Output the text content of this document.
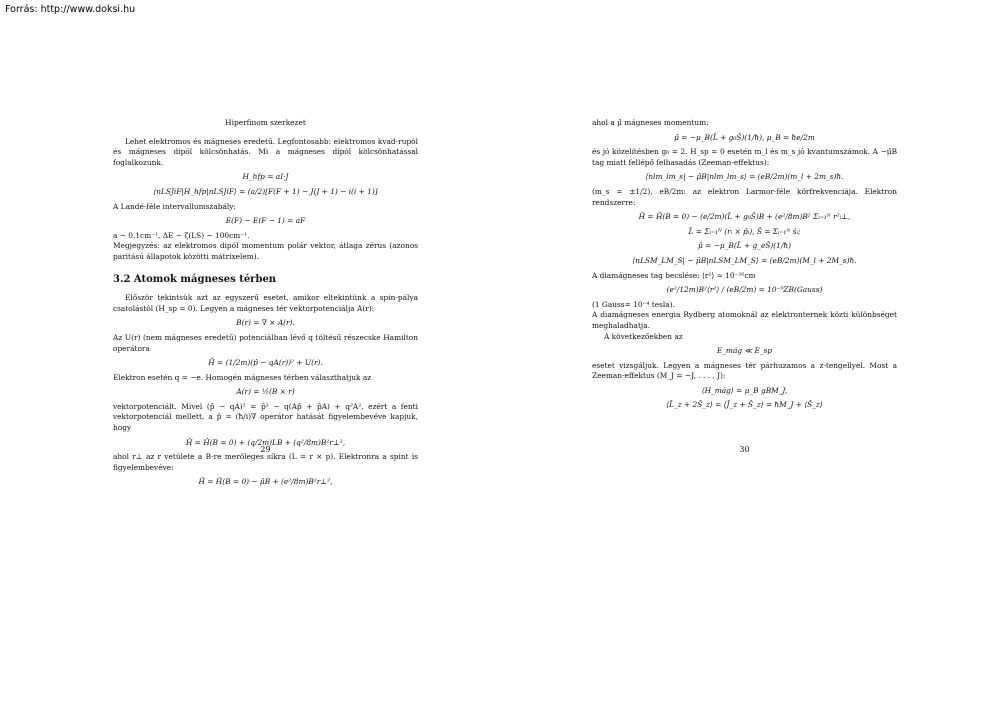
Forrás: http://www.doksi.hu
Hiperfinom szerkezet

Lehet elektromos és mágneses eredetű. Legfontosabb: elektromos kvad-rupól és mágneses dipól kölcsönhatás. Mi a mágneses dipól kölcsönhatással foglalkozunk.

H_hfp = aI·J
⟨nLSJiF|H_hfp|nLSJiF⟩ = (a/2)[F(F + 1) − J(J + 1) − i(i + 1)]

A Landé-féle intervallumszabály:

E(F) − E(F − 1) = aF

a ~ 0.1cm⁻¹, ΔE ~ ζ(LS) ~ 100cm⁻¹.

Megjegyzés: az elektromos dipól momentum polár vektor, átlaga zérus (azonos paritású állapotok közötti mátrixelem).

3.2 Atomok mágneses térben

Először tekintsük azt az egyszerű esetet, amikor eltekintünk a spin-pálya csatolástól (H_sp = 0). Legyen a mágneses tér vektorpotenciálja A(r):

B(r) = ∇ × A(r).

Az U(r) (nem mágneses eredetű) potenciálban lévő q töltésű részecske Hamilton operátora

Ĥ = (1/2m)(p̂ − qA(r))² + U(r).

Elektron esetén q = −e. Homogén mágneses térben választhatjuk az

A(r) = ½(B × r)

vektorpotenciált. Mivel (p̂ − qA)² = p̂² − q(Ap̂ + p̂A) + q²A², ezért a fenti vektorpotenciál mellett, a p̂ = (ħ/i)∇ operátor hatását figyelembevéve kapjuk, hogy

Ĥ = Ĥ(B = 0) + (q/2m)LB + (q²/8m)B²r⊥²,

ahol r⊥ az r vetülete a B-re merőleges síkra (L = r × p). Elektronra a spint is figyelembevéve:

Ĥ = Ĥ(B = 0) − μ̂B + (e²/8m)B²r⊥²,
29

ahol a μ̂ mágneses momentum:

μ̂ = −μ_B(L̂ + g₀Ŝ)(1/ħ), μ_B = ħe/2m

és jó közelítésben g₀ = 2. H_sp = 0 esetén m_l és m_s jó kvantumszámok. A −μ̂B tag miatt fellépő felhasadás (Zeeman-effektus):

⟨nlm_lm_s| − μ̂B|nlm_lm_s⟩ = (eB/2m)(m_l + 2m_s)ħ.

(m_s = ±1/2), eB/2m: az elektron Larmor-féle körfrekvenciája. Elektron rendszerre:

Ĥ = Ĥ(B = 0) − (e/2m)(L̂ + g₀Ŝ)B + (e²/8m)B² Σᵢ₌₁ᴺ r²ᵢ⊥,
L̂ = Σᵢ₌₁ᴺ (rᵢ × p̂ᵢ), Ŝ = Σᵢ₌₁ᴺ ŝᵢ;
μ̂ = −μ_B(L̂ + g_eŜ)(1/ħ)
⟨nLSM_LM_S| − μ̂B|nLSM_LM_S⟩ = (eB/2m)(M_l + 2M_s)ħ.

A diamágneses tag becslése: ⟨r²⟩ ≈ 10⁻¹⁶cm

(e²/12m)B²⟨r²⟩ / (eB/2m) = 10⁻⁹ZB(Gauss)

(1 Gauss= 10⁻⁴ tesla).

A diamágneses energia Rydberg atomoknál az elektronternek közti különbséget meghaladhatja.

A következőekben az

E_mág ≪ E_sp

esetet vizsgáljuk. Legyen a mágneses tér párhuzamos a z-tengellyel. Most a Zeeman-effektus (M_J = −J, . . . , J):

⟨H_mág⟩ = μ_B gBM_J,
⟨L̂_z + 2Ŝ_z⟩ = ⟨Ĵ_z + Ŝ_z⟩ = ħM_J + ⟨Ŝ_z⟩
30
